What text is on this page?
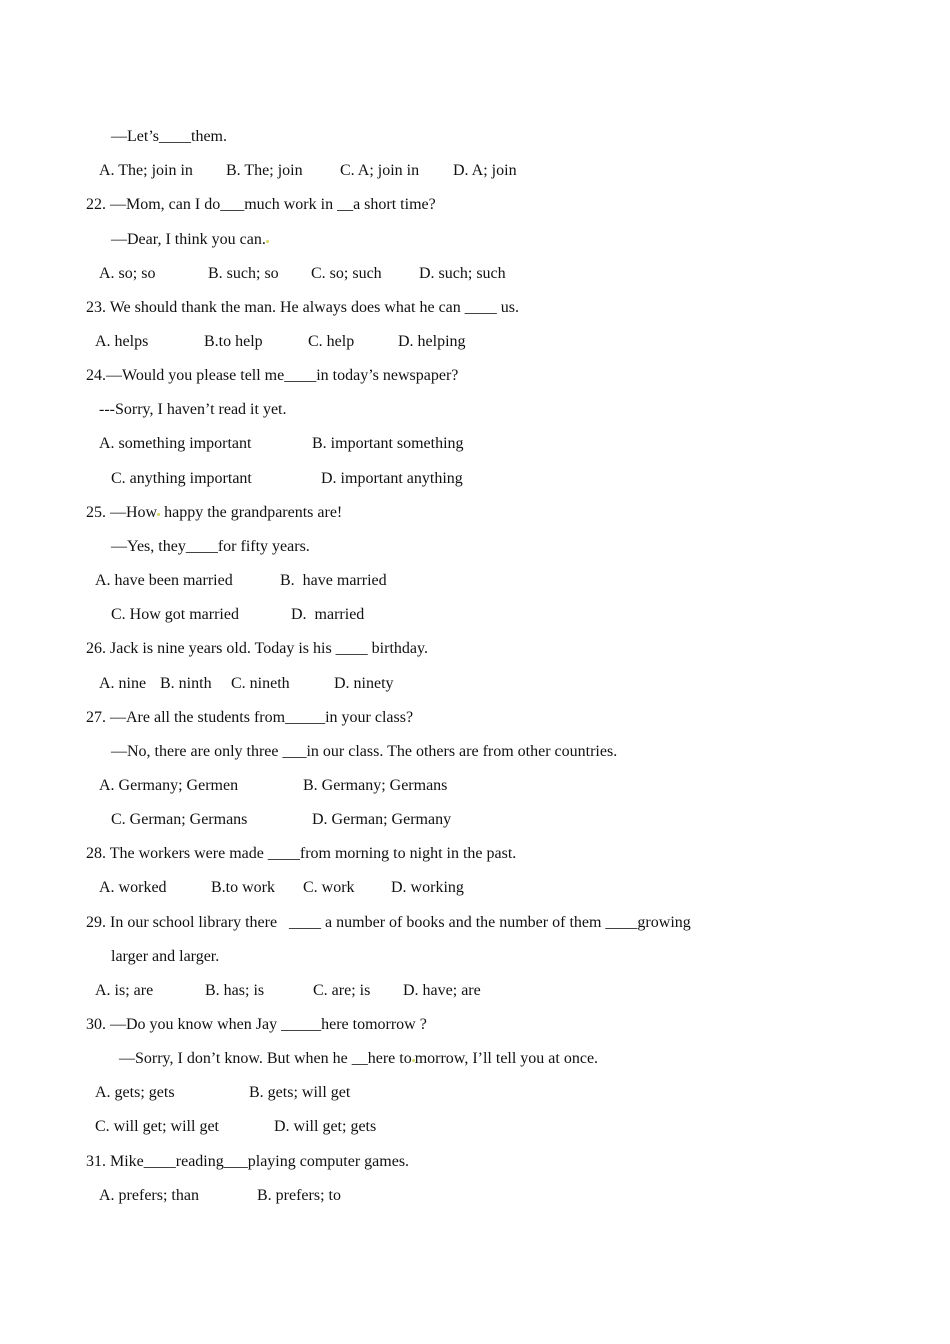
—Let’s____them.
A. The; join in B. The; join C. A; join in D. A; join
22. —Mom, can I do___much work in __a short time?
—Dear, I think you can.
A. so; so	B. such; so C. so; such D. such; such
23. We should thank the man. He always does what he can ____ us.
A. helps	B.to help	C. help	D. helping
24.—Would you please tell me____in today’s newspaper?
---Sorry, I haven’t read it yet.
A. something important	B. important something
C. anything important	D. important anything
25. —How happy the grandparents are!
—Yes, they____for fifty years.
A. have been married	B.  have married
C. How got married	D.  married
26. Jack is nine years old. Today is his ____ birthday.
A. nine B. ninth C. nineth	D. ninety
27. —Are all the students from_____in your class?
—No, there are only three ___in our class. The others are from other countries.
A. Germany; Germen	B. Germany; Germans
C. German; Germans	D. German; Germany
28. The workers were made ____from morning to night in the past.
A. worked	B.to work C. work D. working
29. In our school library there   ____ a number of books and the number of them ____growing
larger and larger.
A. is; are	B. has; is	C. are; is D. have; are
30. —Do you know when Jay _____here tomorrow ?
—Sorry, I don’t know. But when he __here to morrow, I’ll tell you at once.
A. gets; gets	B. gets; will get
C. will get; will get	D. will get; gets
31. Mike____reading___playing computer games.
A. prefers; than	B. prefers; to
